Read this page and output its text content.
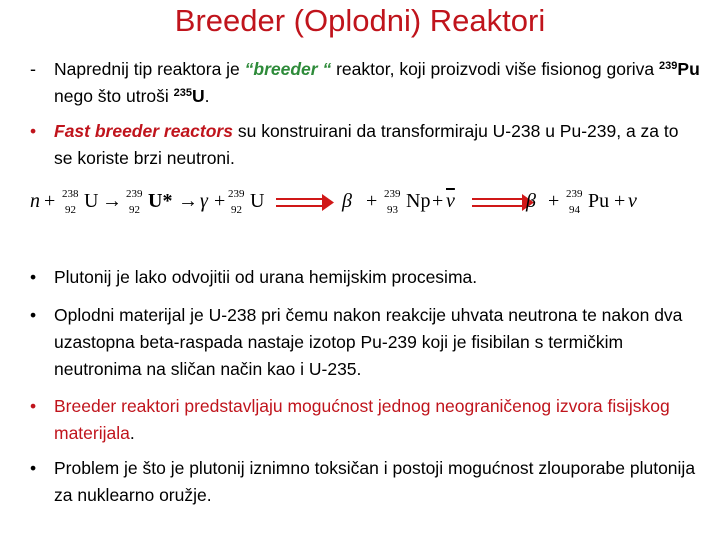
Breeder (Oplodni) Reaktori
-	Naprednij tip reaktora je “breeder “ reaktor, koji proizvodi više fisionog goriva $^{239}$Pu nego što utroši $^{235}$U.
•	Fast breeder reactors su konstruirani da transformiraju U-238 u Pu-239, a za to se koriste brzi neutroni.
n + 238
92 U → 239
92 U* → γ + 239
92 U	β + 239
93 $Np + \overline{\nu}$	β + 239
94 Pu + ν
•	Plutonij je lako odvojitii od urana hemijskim procesima.
•	Oplodni materijal je U-238 pri čemu nakon reakcije uhvata neutrona te nakon dva uzastopna beta-raspada nastaje izotop Pu-239 koji je fisibilan s termičkim neutronima na sličan način kao i U-235.
•	Breeder reaktori predstavljaju mogućnost jednog neograničenog izvora fisijskog materijala.
•	Problem je što je plutonij iznimno toksičan i postoji mogućnost zlouporabe plutonija za nuklearno oružje.
